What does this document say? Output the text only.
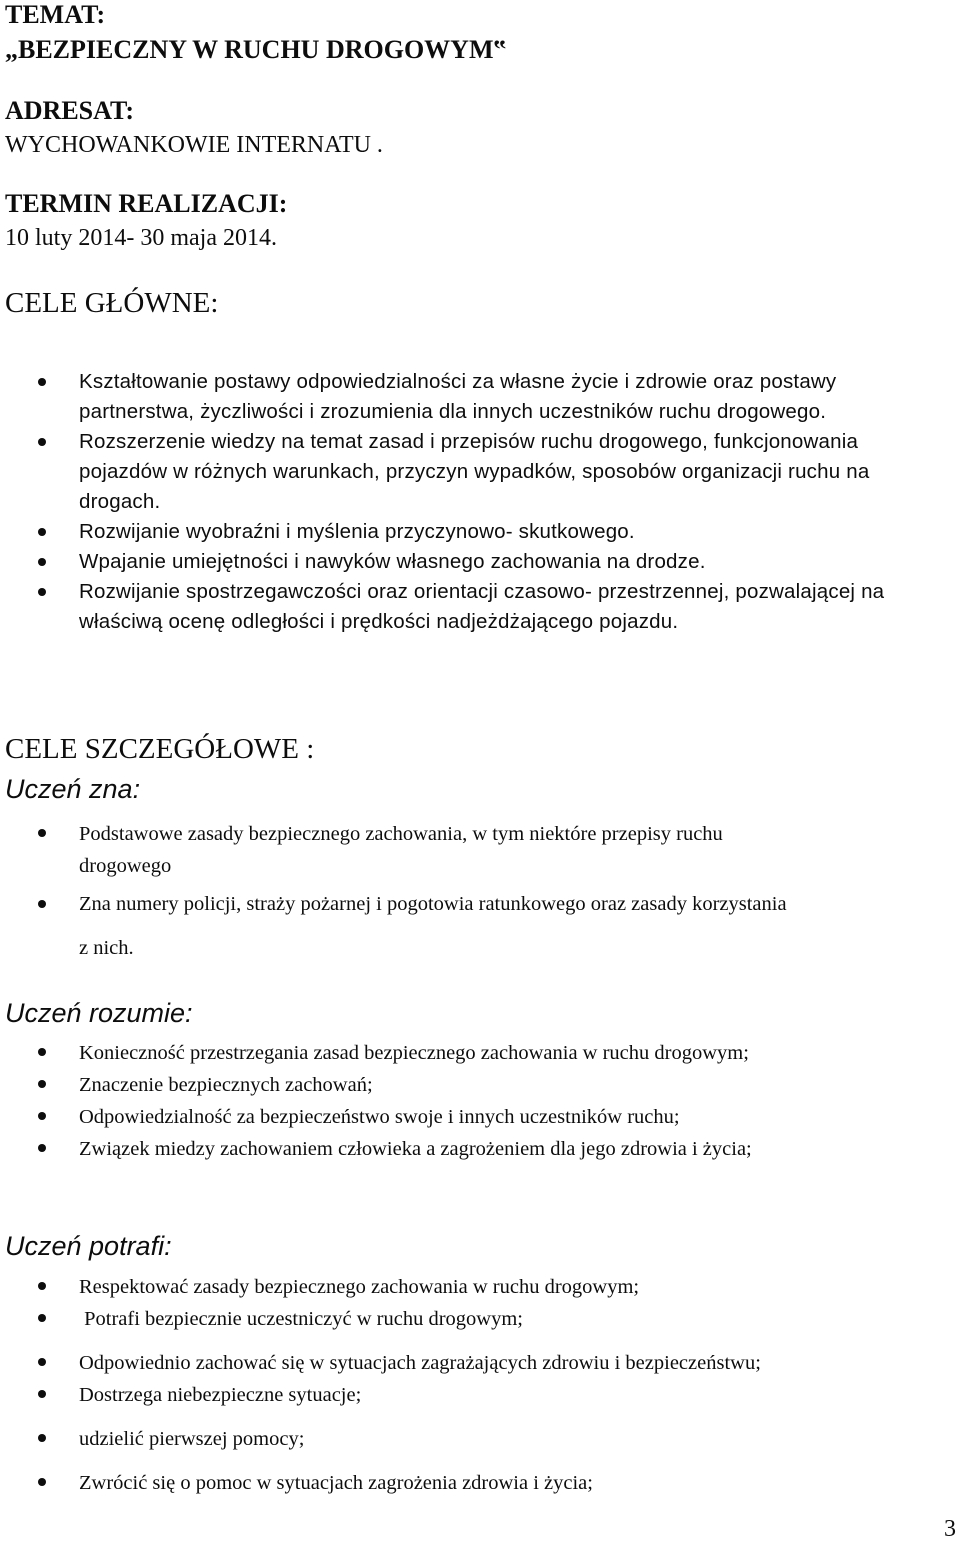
TEMAT:
„BEZPIECZNY W RUCHU DROGOWYM‟
ADRESAT:
WYCHOWANKOWIE INTERNATU .
TERMIN REALIZACJI:
10 luty 2014- 30 maja 2014.
CELE GŁÓWNE:
Kształtowanie postawy odpowiedzialności za własne życie i zdrowie oraz postawy
partnerstwa, życzliwości i zrozumienia dla innych uczestników ruchu drogowego.
Rozszerzenie wiedzy na temat zasad i przepisów ruchu drogowego, funkcjonowania
pojazdów w różnych warunkach, przyczyn wypadków, sposobów organizacji ruchu na
drogach.
Rozwijanie wyobraźni i myślenia przyczynowo- skutkowego.
Wpajanie umiejętności i nawyków własnego zachowania na drodze.
Rozwijanie spostrzegawczości oraz orientacji czasowo- przestrzennej, pozwalającej na
właściwą ocenę odległości i prędkości nadjeżdżającego pojazdu.
CELE SZCZEGÓŁOWE :
Uczeń zna:
Podstawowe zasady bezpiecznego zachowania, w tym niektóre przepisy ruchu
drogowego
Zna numery policji, straży pożarnej i pogotowia ratunkowego oraz zasady korzystania
z nich.
Uczeń rozumie:
Konieczność przestrzegania zasad bezpiecznego zachowania w ruchu drogowym;
Znaczenie bezpiecznych zachowań;
Odpowiedzialność za bezpieczeństwo swoje i innych uczestników ruchu;
Związek miedzy zachowaniem człowieka a zagrożeniem dla jego zdrowia i życia;
Uczeń potrafi:
Respektować zasady bezpiecznego zachowania w ruchu drogowym;
Potrafi bezpiecznie uczestniczyć w ruchu drogowym;
Odpowiednio zachować się w sytuacjach zagrażających zdrowiu i bezpieczeństwu;
Dostrzega niebezpieczne sytuacje;
udzielić pierwszej pomocy;
Zwrócić się o pomoc w sytuacjach zagrożenia zdrowia i życia;
3
